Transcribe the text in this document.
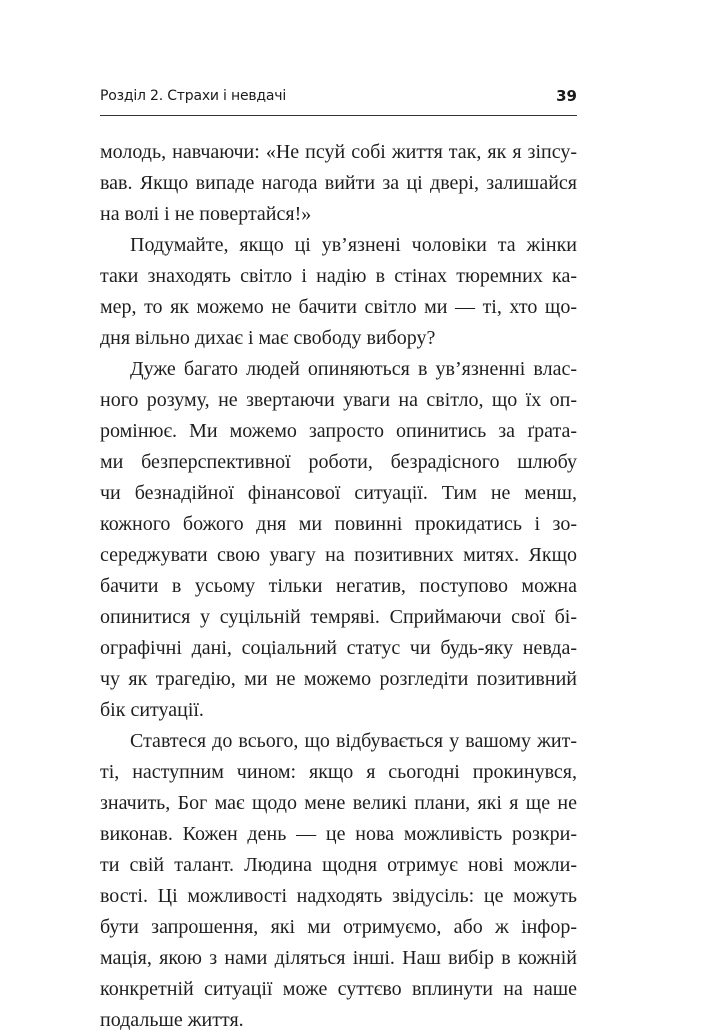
Розділ 2. Страхи і невдачі	39
молодь, навчаючи: «Не псуй собі життя так, як я зіпсу-
вав. Якщо випаде нагода вийти за ці двері, залишайся
на волі і не повертайся!»
Подумайте, якщо ці ув’язнені чоловіки та жінки
таки знаходять світло і надію в стінах тюремних ка-
мер, то як можемо не бачити світло ми — ті, хто що-
дня вільно дихає і має свободу вибору?
Дуже багато людей опиняються в ув’язненні влас-
ного розуму, не звертаючи уваги на світло, що їх оп-
ромінює. Ми можемо запросто опинитись за ґрата-
ми безперспективної роботи, безрадісного шлюбу
чи безнадійної фінансової ситуації. Тим не менш,
кожного божого дня ми повинні прокидатись і зо-
середжувати свою увагу на позитивних митях. Якщо
бачити в усьому тільки негатив, поступово можна
опинитися у суцільній темряві. Сприймаючи свої бі-
ографічні дані, соціальний статус чи будь-яку невда-
чу як трагедію, ми не можемо розгледіти позитивний
бік ситуації.
Ставтеся до всього, що відбувається у вашому жит-
ті, наступним чином: якщо я сьогодні прокинувся,
значить, Бог має щодо мене великі плани, які я ще не
виконав. Кожен день — це нова можливість розкри-
ти свій талант. Людина щодня отримує нові можли-
вості. Ці можливості надходять звідусіль: це можуть
бути запрошення, які ми отримуємо, або ж інфор-
мація, якою з нами діляться інші. Наш вибір в кожній
конкретній ситуації може суттєво вплинути на наше
подальше життя.
